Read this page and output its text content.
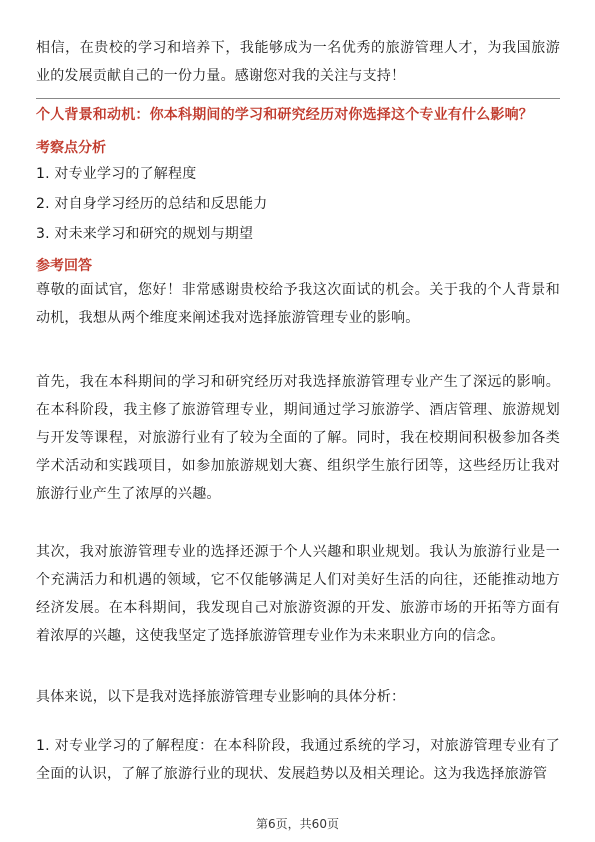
相信，在贵校的学习和培养下，我能够成为一名优秀的旅游管理人才，为我国旅游业的发展贡献自己的一份力量。感谢您对我的关注与支持！

个人背景和动机：你本科期间的学习和研究经历对你选择这个专业有什么影响？

考察点分析

1. 对专业学习的了解程度

2. 对自身学习经历的总结和反思能力

3. 对未来学习和研究的规划与期望

参考回答

尊敬的面试官，您好！非常感谢贵校给予我这次面试的机会。关于我的个人背景和动机，我想从两个维度来阐述我对选择旅游管理专业的影响。

首先，我在本科期间的学习和研究经历对我选择旅游管理专业产生了深远的影响。在本科阶段，我主修了旅游管理专业，期间通过学习旅游学、酒店管理、旅游规划与开发等课程，对旅游行业有了较为全面的了解。同时，我在校期间积极参加各类学术活动和实践项目，如参加旅游规划大赛、组织学生旅行团等，这些经历让我对旅游行业产生了浓厚的兴趣。

其次，我对旅游管理专业的选择还源于个人兴趣和职业规划。我认为旅游行业是一个充满活力和机遇的领域，它不仅能够满足人们对美好生活的向往，还能推动地方经济发展。在本科期间，我发现自己对旅游资源的开发、旅游市场的开拓等方面有着浓厚的兴趣，这使我坚定了选择旅游管理专业作为未来职业方向的信念。

具体来说，以下是我对选择旅游管理专业影响的具体分析：

1. 对专业学习的了解程度：在本科阶段，我通过系统的学习，对旅游管理专业有了全面的认识，了解了旅游行业的现状、发展趋势以及相关理论。这为我选择旅游管

第6页，共60页
